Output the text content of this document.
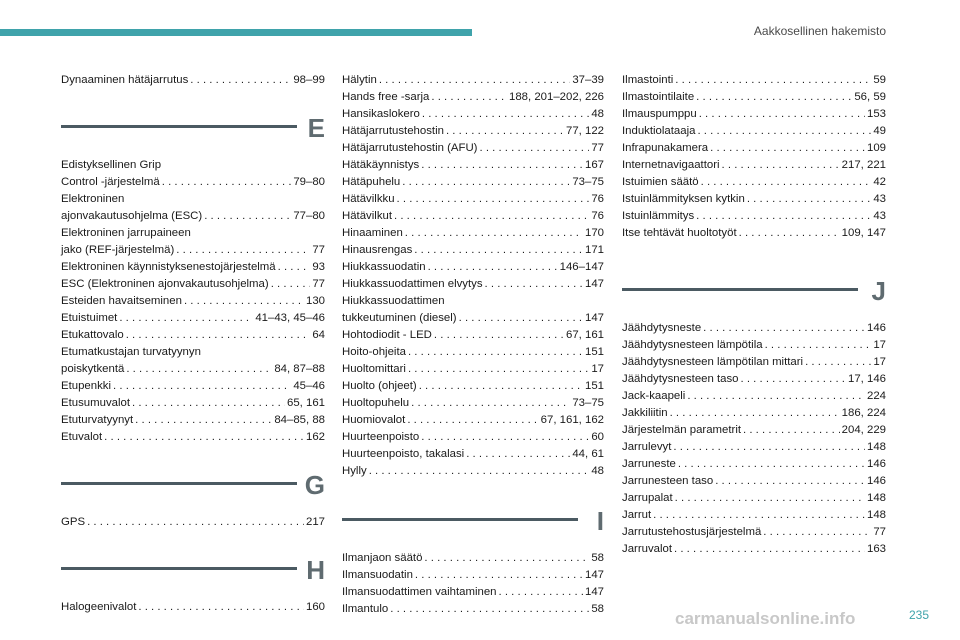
Aakkosellinen hakemisto
Dynaaminen hätäjarrutus . . .	98–99
E
Edistyksellinen Grip
Control -järjestelmä . . .	79–80
Elektroninen
ajonvakautusohjelma (ESC) . . .	77–80
Elektroninen jarrupaineen
jako (REF-järjestelmä) . . .	77
Elektroninen käynnistyksenestojärjestelmä . . .	93
ESC (Elektroninen ajonvakautusohjelma) . . .	77
Esteiden havaitseminen . . .	130
Etuistuimet . . .	41–43, 45–46
Etukattovalo . . .	64
Etumatkustajan turvatyynyn
poiskytkentä . . .	84, 87–88
Etupenkki . . .	45–46
Etusumuvalot . . .	65, 161
Etuturvatyynyt . . .	84–85, 88
Etuvalot . . .	162
G
GPS . . .	217
H
Halogeenivalot . . .	160
Hälytin . . .	37–39
Hands free -sarja . . .	188, 201–202, 226
Hansikaslokero . . .	48
Hätäjarrutustehostin . . .	77, 122
Hätäjarrutustehostin (AFU) . . .	77
Hätäkäynnistys . . .	167
Hätäpuhelu . . .	73–75
Hätävilkku . . .	76
Hätävilkut . . .	76
Hinaaminen . . .	170
Hinausrengas . . .	171
Hiukkassuodatin . . .	146–147
Hiukkassuodattimen elvytys . . .	147
Hiukkassuodattimen
tukkeutuminen (diesel) . . .	147
Hohtodiodit - LED . . .	67, 161
Hoito-ohjeita . . .	151
Huoltomittari . . .	17
Huolto (ohjeet) . . .	151
Huoltopuhelu . . .	73–75
Huomiovalot . . .	67, 161, 162
Huurteenpoisto . . .	60
Huurteenpoisto, takalasi . . .	44, 61
Hylly . . .	48
I
Ilmanjaon säätö . . .	58
Ilmansuodatin . . .	147
Ilmansuodattimen vaihtaminen . . .	147
Ilmantulo . . .	58
Ilmastointi . . .	59
Ilmastointilaite . . .	56, 59
Ilmauspumppu . . .	153
Induktiolataaja . . .	49
Infrapunakamera . . .	109
Internetnavigaattori . . .	217, 221
Istuimien säätö . . .	42
Istuinlämmityksen kytkin . . .	43
Istuinlämmitys . . .	43
Itse tehtävät huoltotyöt . . .	109, 147
J
Jäähdytysneste . . .	146
Jäähdytysnesteen lämpötila . . .	17
Jäähdytysnesteen lämpötilan mittari . . .	17
Jäähdytysnesteen taso . . .	17, 146
Jack-kaapeli . . .	224
Jakkiliitin . . .	186, 224
Järjestelmän parametrit . . .	204, 229
Jarrulevyt . . .	148
Jarruneste . . .	146
Jarrunesteen taso . . .	146
Jarrupalat . . .	148
Jarrut . . .	148
Jarrutustehostusjärjestelmä . . .	77
Jarruvalot . . .	163
carmanualsonline.info	235
